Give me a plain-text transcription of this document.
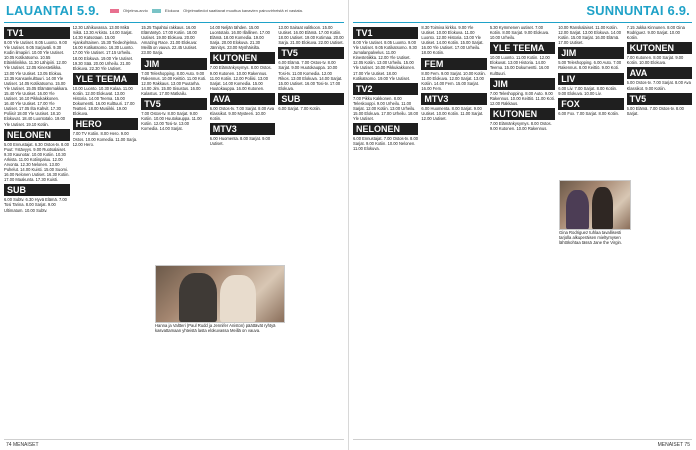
LAUANTAI 5.9.	Ohjelma-arvio	Elokuva Ohjelmatiedot saattavat muuttua kanavien painovirheistä ei vastata.
TV1
8.00 Yle Uutiset. 8.05 Luonto. 9.00 Yle Uutiset. 9.05 Sarjaväli. 9.30 Kodin ilmapiiri. 10.00 Yle Uutiset. 10.05 Kotikatsomo. 10.55 Eläinklinikka. 11.30 Lähipiiri. 12.00 Yle Uutiset. 12.05 Kinestetiikka. 13.00 Yle Uutiset. 13.05 Elokuu. 13.35 Kansankulttuuri. 14.00 Yle Uutiset. 14.05 Kotikatsomo. 15.00 Yle Uutiset. 15.05 Elämänmakkara. 15.40 Yle Uutiset. 16.00 Yle Uutiset. 16.10 Pikkukakkonen. 16.40 Yle Uutiset. 17.00 Yle Uutiset. 17.05 Ilta Kahvit. 17.30 Poliisi! 18.00 Yle Uutiset. 18.10 Elokuvat. 18.40 Luontotalo. 19.00 Yle Uutiset. 19.10 Kotiin.
NELONEN
5.00 Ennustajat. 6.30 Ostos-tv. 8.00 Puut: Ystävyys. 9.00 Ruotsalaiset. 9.30 Kaunotar. 10.00 Kotiin. 10.30 Arkista. 11.00 Kotiinpaluu. 12.00 Arvonta. 12.30 Nelonen. 13.00 Puhelut. 14.00 Kuisti. 15.00 Suomi. 16.00 Nelonen Uutiset. 16.30 Kotiin. 17.00 Maakunta. 17.30 Kuisti.
SUB
6.00 Subtv. 6.30 Hyvä Elämä. 7.00 Tosi Tarina. 8.00 Sarjat. 9.00 Ultimatum. 10.00 Subtv.
12.30 Lähikuvassa. 13.00 Mikä mikä. 13.30 Arkisto. 14.00 Sarjat. 14.30 Katsotaan. 15.00 Ajankohtainen. 15.30 Tiedeohjelma. 16.00 Kotikatsomo. 16.30 Luonto. 17.00 Yle Uutiset. 17.15 Urheilu. 18.00 Elokuva. 19.00 Yle Uutiset. 19.30 Sää. 20.00 Urheilu. 21.00 Elokuva. 22.30 Yle Uutiset.
YLE TEEMA
10.00 Luonto. 10.30 Kalaa. 11.00 Kotiin. 12.00 Elokuvat. 13.00 Historia. 14.00 Teema. 15.00 Dokumentti. 16.00 Kulttuuri. 17.00 Teatteri. 18.00 Musiikki. 19.00 Elokuva.
HERO
7.00 TV Kotiin. 8.00 Hero. 9.00 Ostos. 10.00 Komedia. 11.00 Sarja. 12.00 Hero.
15.25 Tapahtui rakkaus. 16.00 Elämäntyö. 17.00 Kotiin. 18.00 Uutiset. 19.00 Elokuva. 20.00 Amazing Race. 21.00 Elokuva: Meillä on vauva. 22.45 Uutiset. 23.00 Sarja.
JIM
7.00 Teleshopping. 8.00 Auto. 9.00 Rakennus. 10.00 Keittiö. 11.00 Koti. 12.00 Rakkaus. 13.00 Puutarha. 14.00 Jim. 15.00 Sisustus. 16.00 Kalastus. 17.00 Matkailu.
TV5
7.00 Ostos-tv. 8.00 Sarjat. 9.00 Kotiin. 10.00 Huutokauppa. 11.00 Kotiin. 12.00 Tosi-tv. 13.00 Komedia. 14.00 Sarjat.
14.00 Neljän tähden. 15.00 Luontotalo. 16.00 Illallinen. 17.00 Elämä. 18.00 Komedia. 19.00 Sarja. 20.00 Elokuva. 21.30 Jännitys. 23.00 Myöhäisilta.
KUTONEN
7.00 Elämänkysymys. 8.00 Ostos. 9.00 Kutonen. 10.00 Rakennus. 11.00 Kotiin. 12.00 Poliisi. 13.00 Sarjat. 14.00 Komedia. 15.00 Huutokauppa. 16.00 Kutonen.
AVA
6.00 Ostos-tv. 7.00 Sarjat. 8.00 Ava Klassikot. 9.00 Mysteeri. 10.00 Kotiin.
MTV3
6.00 Huomenta. 8.00 Sarjat. 9.00 Uutiset.
13.00 Sairaat valitkoon. 15.00 Uutiset. 16.00 Elämä. 17.00 Kotiin. 18.00 Uutiset. 19.00 Kotimaa. 20.00 Sarja. 21.00 Elokuva. 22.00 Uutiset.
TV5
6.00 Elämä. 7.00 Ostos-tv. 8.00 Sarjat. 9.00 Huutokauppa. 10.00 Tosi-tv. 11.00 Komedia. 12.00 Rikos. 13.00 Elokuva. 14.00 Sarjat. 15.00 Uutiset. 16.00 Tosi-tv. 17.00 Elokuva.
SUB
6.00 Sarjat. 7.00 Kotiin.
Hanna ja Valtteri (Paul Rudd ja Jennifer Aniston) päättävät ryhtyä kasvattamaan yhteistä lasta elokuvassa Meillä on vauva.
74 MENAISET
SUNNUNTAI 6.9.
TV1
8.00 Yle Uutiset. 8.05 Luonto. 9.00 Yle Uutiset. 9.05 Kotikatsomo. 9.30 Jumalanpalvelus. 11.00 Kinestetiikka. 12.00 Yle Uutiset. 12.05 Kotiin. 13.00 Urheilu. 15.00 Yle Uutiset. 16.00 Pikkukakkonen. 17.00 Yle Uutiset. 18.00 Kotikatsomo. 19.00 Yle Uutiset.
TV2
7.00 Pikku Kakkonen. 8.00 Teleskooppi. 9.00 Urheilu. 11.00 Sarjat. 12.00 Kotiin. 13.00 Urheilu. 15.00 Elokuva. 17.00 Urheilu. 18.00 Yle Uutiset.
NELONEN
6.00 Ennustajat. 7.00 Ostos-tv. 8.00 Sarjat. 9.00 Kotiin. 10.00 Nelonen. 11.00 Elokuva.
8.30 Toimiva kirkko. 9.00 Yle Uutiset. 10.00 Elokuva. 11.00 Luonto. 12.00 Historia. 13.00 Yle Uutiset. 14.00 Kotiin. 15.00 Sarjat. 16.00 Yle Uutiset. 17.00 Urheilu. 18.00 Kotiin.
FEM
8.00 Fem. 9.00 Sarjat. 10.00 Kotiin. 11.00 Elokuva. 12.00 Sarjat. 13.00 Kotiin. 14.00 Fem. 15.00 Sarjat. 16.00 Fem.
MTV3
6.00 Huomenta. 8.00 Sarjat. 9.00 Uutiset. 10.00 Kotiin. 11.00 Sarjat. 12.00 Uutiset.
5.30 Kymmenen uutiset. 7.00 Kotiin. 8.00 Sarjat. 9.00 Elokuva. 10.00 Urheilu.
YLE TEEMA
10.00 Luonto. 11.00 Kotiin. 12.00 Elokuvat. 13.00 Historia. 14.00 Teema. 15.00 Dokumentti. 16.00 Kulttuuri.
JIM
7.00 Teleshopping. 8.00 Auto. 9.00 Rakennus. 10.00 Keittiö. 11.00 Koti. 12.00 Rakkaus.
KUTONEN
7.00 Elämänkysymys. 8.00 Ostos. 9.00 Kutonen. 10.00 Rakennus.
10.00 Ranskalaiset. 11.00 Kotiin. 12.00 Sarjat. 13.00 Elokuva. 14.00 Kotiin. 15.00 Sarjat. 16.00 Elämä. 17.00 Uutiset.
JIM
5.00 Teleshopping. 6.00 Auto. 7.00 Rakennus. 8.00 Keittiö. 9.00 Koti.
LIV
6.00 Liv. 7.00 Sarjat. 8.00 Kotiin. 9.00 Elokuva. 10.00 Liv.
FOX
6.00 Fox. 7.00 Sarjat. 8.00 Kotiin.
7.15 Jukka Kinnunen. 8.00 Gina Rodriguez. 9.00 Sarjat. 10.00 Kotiin.
KUTONEN
7.00 Kutonen. 8.00 Sarjat. 9.00 Kotiin. 10.00 Elokuva.
AVA
6.00 Ostos-tv. 7.00 Sarjat. 8.00 Ava Klassikot. 9.00 Kotiin.
TV5
6.00 Elämä. 7.00 Ostos-tv. 8.00 Sarjat.
Gina Rodriguez tuhlaa tavallisesti tarjolla alkuperäisen mieltymysen lähtökohtaa tässä Jane the Virgin.
MENAISET 75
